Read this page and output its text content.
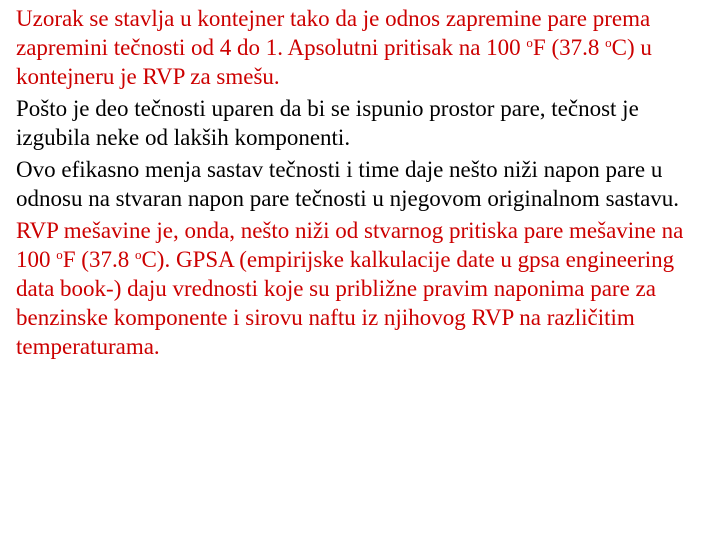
Uzorak se stavlja u kontejner tako da je odnos zapremine pare prema zapremini tečnosti od 4 do 1. Apsolutni pritisak na 100 $^o$F (37.8 $^o$C) u kontejneru je RVP za smešu.

Pošto je deo tečnosti uparen da bi se ispunio prostor pare, tečnost je izgubila neke od lakših komponenti.

Ovo efikasno menja sastav tečnosti i time daje nešto niži napon pare u odnosu na stvaran napon pare tečnosti u njegovom originalnom sastavu.

RVP mešavine je, onda, nešto niži od stvarnog pritiska pare mešavine na 100 $^o$F (37.8 $^o$C). GPSA (empirijske kalkulacije date u gpsa engineering data book-) daju vrednosti koje su približne pravim naponima pare za benzinske komponente i sirovu naftu iz njihovog RVP na različitim temperaturama.
